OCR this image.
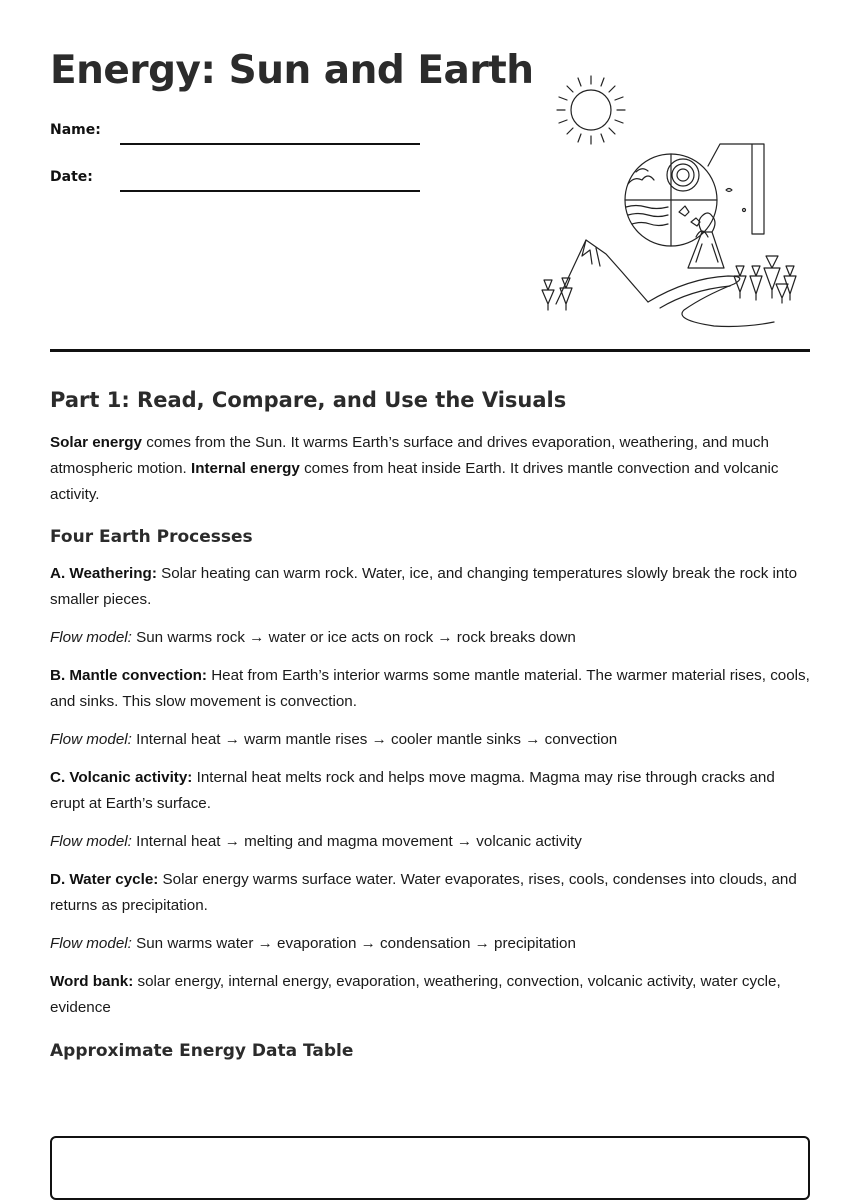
Energy: Sun and Earth
Name:
Date:
Part 1: Read, Compare, and Use the Visuals

Solar energy comes from the Sun. It warms Earth’s surface and drives evaporation, weathering, and much atmospheric motion. Internal energy comes from heat inside Earth. It drives mantle convection and volcanic activity.

Four Earth Processes

A. Weathering: Solar heating can warm rock. Water, ice, and changing temperatures slowly break the rock into smaller pieces.

Flow model: Sun warms rock → water or ice acts on rock → rock breaks down

B. Mantle convection: Heat from Earth’s interior warms some mantle material. The warmer material rises, cools, and sinks. This slow movement is convection.

Flow model: Internal heat → warm mantle rises → cooler mantle sinks → convection

C. Volcanic activity: Internal heat melts rock and helps move magma. Magma may rise through cracks and erupt at Earth’s surface.

Flow model: Internal heat → melting and magma movement → volcanic activity

D. Water cycle: Solar energy warms surface water. Water evaporates, rises, cools, condenses into clouds, and returns as precipitation.

Flow model: Sun warms water → evaporation → condensation → precipitation

Word bank: solar energy, internal energy, evaporation, weathering, convection, volcanic activity, water cycle, evidence

Approximate Energy Data Table
